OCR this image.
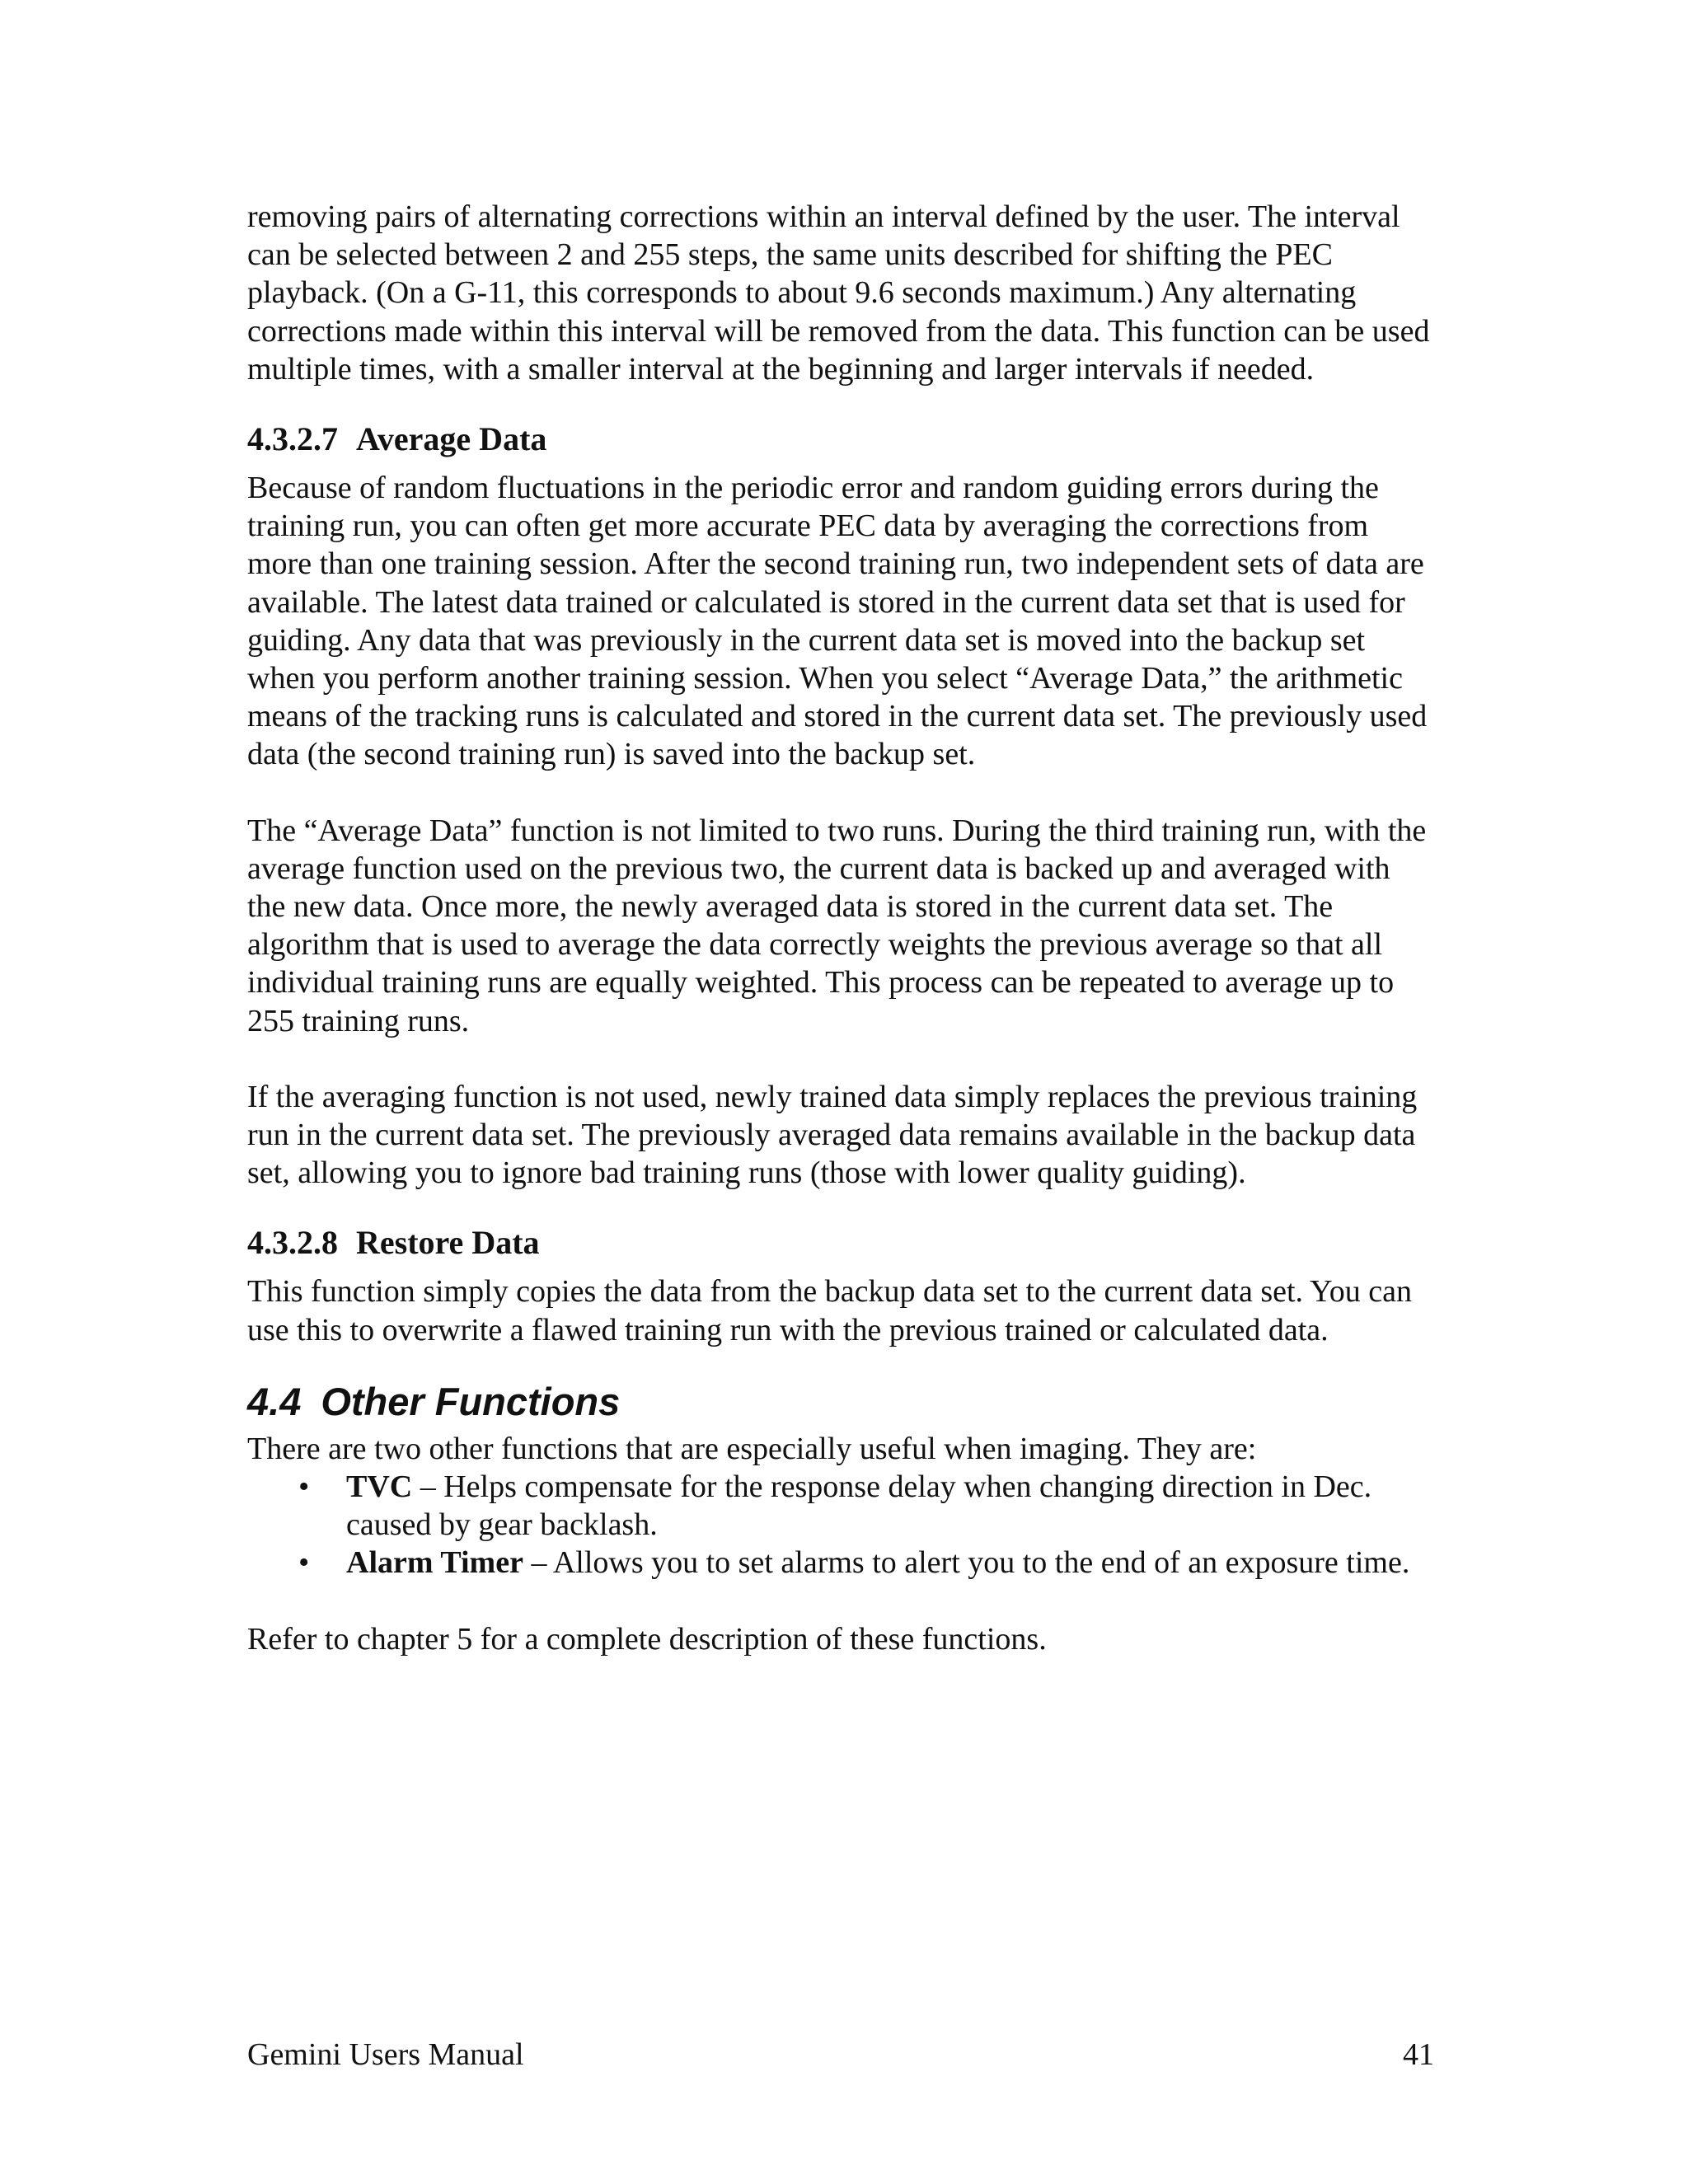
removing pairs of alternating corrections within an interval defined by the user. The interval can be selected between 2 and 255 steps, the same units described for shifting the PEC playback. (On a G-11, this corresponds to about 9.6 seconds maximum.) Any alternating corrections made within this interval will be removed from the data. This function can be used multiple times, with a smaller interval at the beginning and larger intervals if needed.

4.3.2.7 Average Data

Because of random fluctuations in the periodic error and random guiding errors during the training run, you can often get more accurate PEC data by averaging the corrections from more than one training session. After the second training run, two independent sets of data are available. The latest data trained or calculated is stored in the current data set that is used for guiding. Any data that was previously in the current data set is moved into the backup set when you perform another training session. When you select “Average Data,” the arithmetic means of the tracking runs is calculated and stored in the current data set. The previously used data (the second training run) is saved into the backup set.

The “Average Data” function is not limited to two runs. During the third training run, with the average function used on the previous two, the current data is backed up and averaged with the new data. Once more, the newly averaged data is stored in the current data set. The algorithm that is used to average the data correctly weights the previous average so that all individual training runs are equally weighted. This process can be repeated to average up to 255 training runs.

If the averaging function is not used, newly trained data simply replaces the previous training run in the current data set. The previously averaged data remains available in the backup data set, allowing you to ignore bad training runs (those with lower quality guiding).

4.3.2.8 Restore Data

This function simply copies the data from the backup data set to the current data set. You can use this to overwrite a flawed training run with the previous trained or calculated data.

4.4 Other Functions

There are two other functions that are especially useful when imaging. They are:

• TVC – Helps compensate for the response delay when changing direction in Dec. caused by gear backlash.
• Alarm Timer – Allows you to set alarms to alert you to the end of an exposure time.

Refer to chapter 5 for a complete description of these functions.

Gemini Users Manual	41
